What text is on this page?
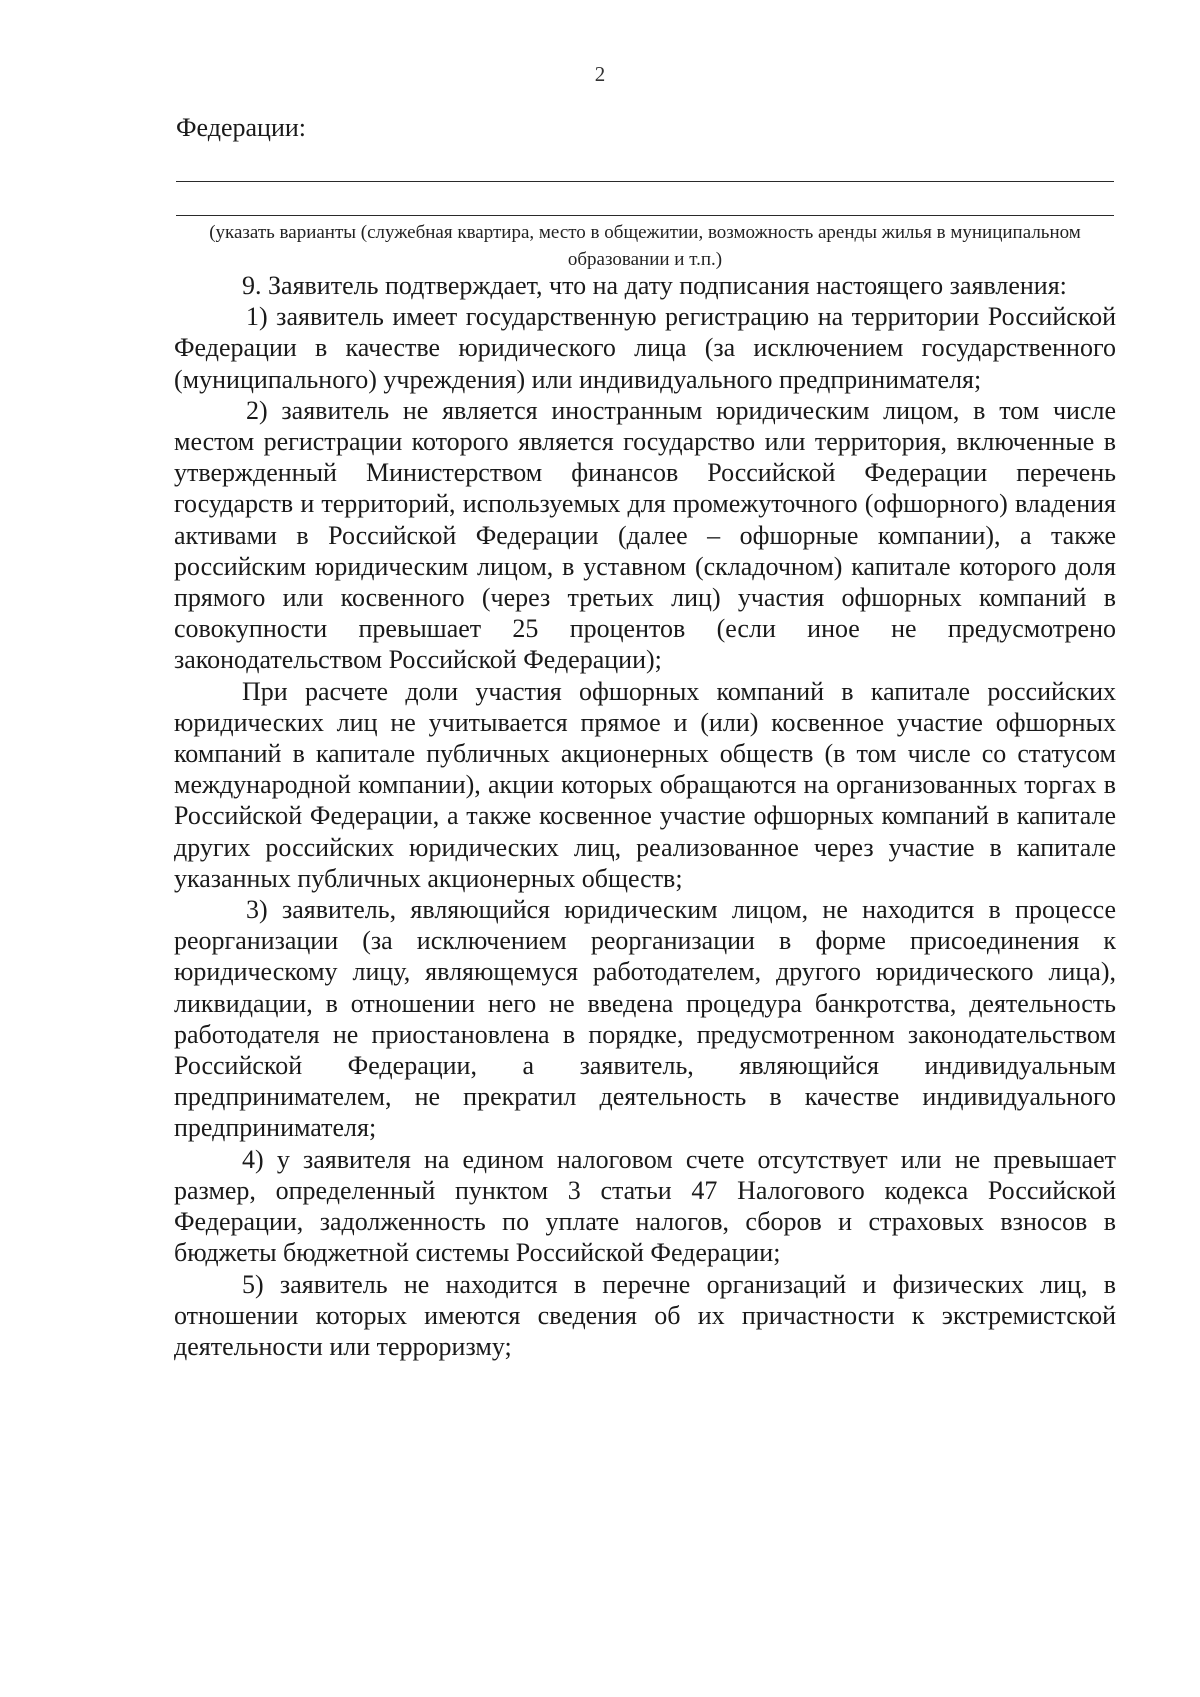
2
Федерации:
(указать варианты (служебная квартира, место в общежитии, возможность аренды жилья в муниципальном образовании и т.п.)

9. Заявитель подтверждает, что на дату подписания настоящего заявления:

1) заявитель имеет государственную регистрацию на территории Российской Федерации в качестве юридического лица (за исключением государственного (муниципального) учреждения) или индивидуального предпринимателя;

2) заявитель не является иностранным юридическим лицом, в том числе местом регистрации которого является государство или территория, включенные в утвержденный Министерством финансов Российской Федерации перечень государств и территорий, используемых для промежуточного (офшорного) владения активами в Российской Федерации (далее – офшорные компании), а также российским юридическим лицом, в уставном (складочном) капитале которого доля прямого или косвенного (через третьих лиц) участия офшорных компаний в совокупности превышает 25 процентов (если иное не предусмотрено законодательством Российской Федерации);

При расчете доли участия офшорных компаний в капитале российских юридических лиц не учитывается прямое и (или) косвенное участие офшорных компаний в капитале публичных акционерных обществ (в том числе со статусом международной компании), акции которых обращаются на организованных торгах в Российской Федерации, а также косвенное участие офшорных компаний в капитале других российских юридических лиц, реализованное через участие в капитале указанных публичных акционерных обществ;

3) заявитель, являющийся юридическим лицом, не находится в процессе реорганизации (за исключением реорганизации в форме присоединения к юридическому лицу, являющемуся работодателем, другого юридического лица), ликвидации, в отношении него не введена процедура банкротства, деятельность работодателя не приостановлена в порядке, предусмотренном законодательством Российской Федерации, а заявитель, являющийся индивидуальным предпринимателем, не прекратил деятельность в качестве индивидуального предпринимателя;

4) у заявителя на едином налоговом счете отсутствует или не превышает размер, определенный пунктом 3 статьи 47 Налогового кодекса Российской Федерации, задолженность по уплате налогов, сборов и страховых взносов в бюджеты бюджетной системы Российской Федерации;

5) заявитель не находится в перечне организаций и физических лиц, в отношении которых имеются сведения об их причастности к экстремистской деятельности или терроризму;
